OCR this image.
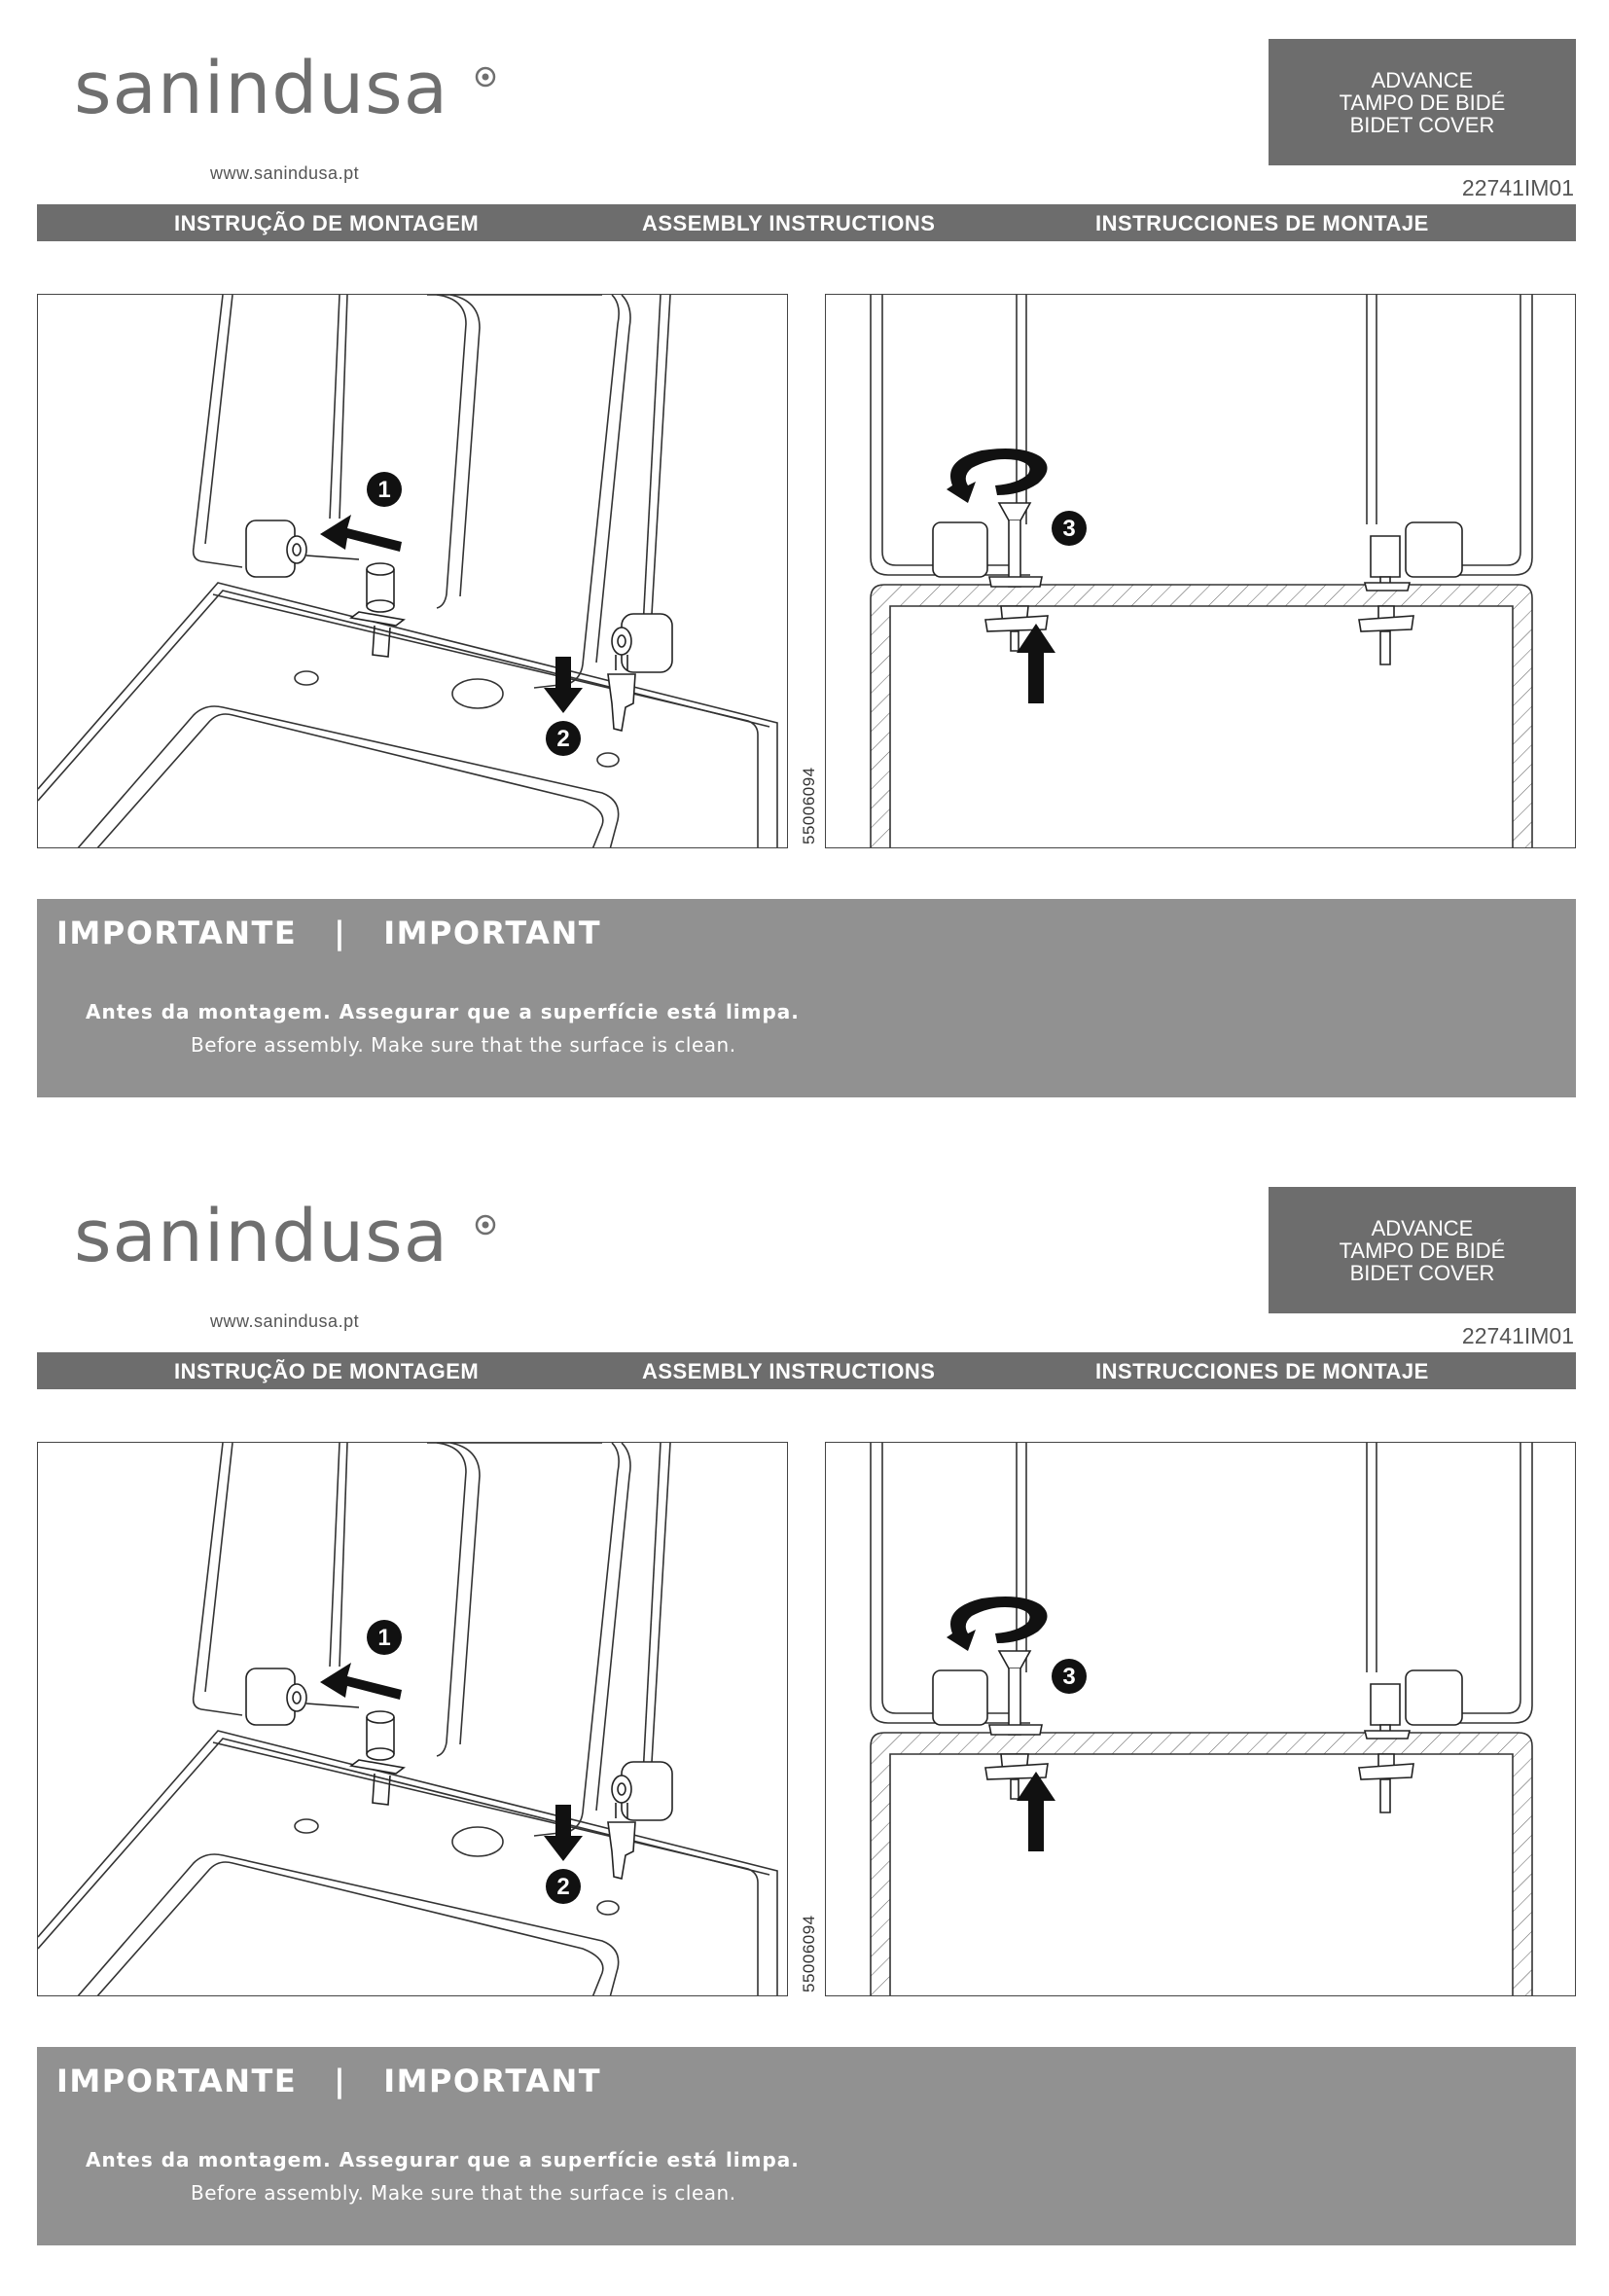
sanindusa
www.sanindusa.pt
ADVANCE
TAMPO DE BIDÉ
BIDET COVER
22741IM01
INSTRUÇÃO DE MONTAGEM	ASSEMBLY INSTRUCTIONS	INSTRUCCIONES DE MONTAJE
1
2
55006094
3
IMPORTANTE   |   IMPORTANT
Antes da montagem. Assegurar que a superfície está limpa.
Before assembly. Make sure that the surface is clean.
sanindusa
www.sanindusa.pt
ADVANCE
TAMPO DE BIDÉ
BIDET COVER
22741IM01
INSTRUÇÃO DE MONTAGEM	ASSEMBLY INSTRUCTIONS	INSTRUCCIONES DE MONTAJE
1
2
55006094
3
IMPORTANTE   |   IMPORTANT
Antes da montagem. Assegurar que a superfície está limpa.
Before assembly. Make sure that the surface is clean.
